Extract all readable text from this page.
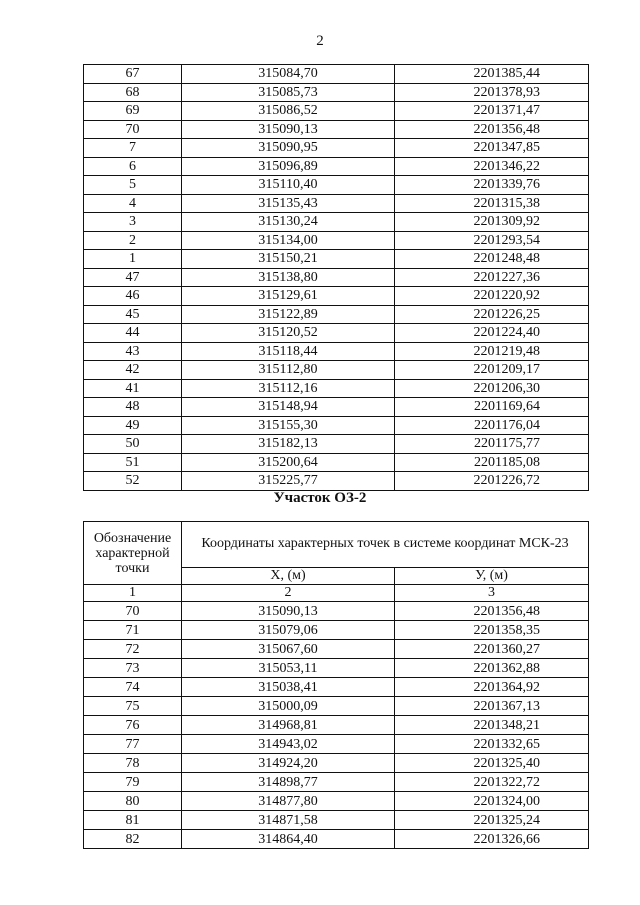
2
67	315084,70	2201385,44
68	315085,73	2201378,93
69	315086,52	2201371,47
70	315090,13	2201356,48
7	315090,95	2201347,85
6	315096,89	2201346,22
5	315110,40	2201339,76
4	315135,43	2201315,38
3	315130,24	2201309,92
2	315134,00	2201293,54
1	315150,21	2201248,48
47	315138,80	2201227,36
46	315129,61	2201220,92
45	315122,89	2201226,25
44	315120,52	2201224,40
43	315118,44	2201219,48
42	315112,80	2201209,17
41	315112,16	2201206,30
48	315148,94	2201169,64
49	315155,30	2201176,04
50	315182,13	2201175,77
51	315200,64	2201185,08
52	315225,77	2201226,72
Участок ОЗ-2
Обозначение характерной точки	Координаты характерных точек в системе координат МСК-23	
	X, (м)	У, (м)
1	2	3
70	315090,13	2201356,48
71	315079,06	2201358,35
72	315067,60	2201360,27
73	315053,11	2201362,88
74	315038,41	2201364,92
75	315000,09	2201367,13
76	314968,81	2201348,21
77	314943,02	2201332,65
78	314924,20	2201325,40
79	314898,77	2201322,72
80	314877,80	2201324,00
81	314871,58	2201325,24
82	314864,40	2201326,66
